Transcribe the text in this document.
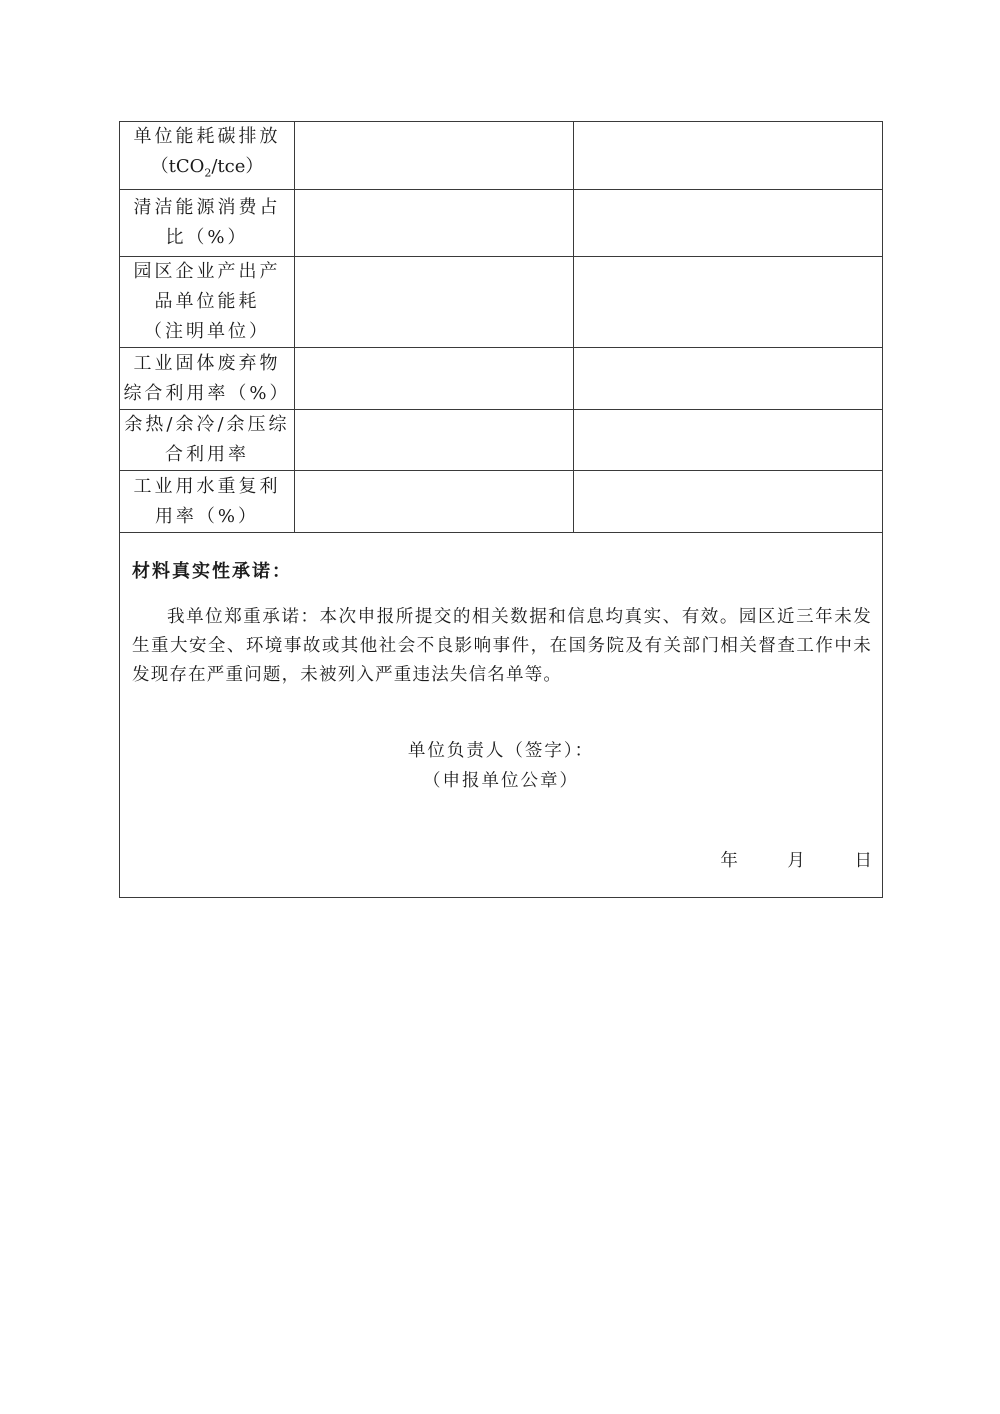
单位能耗碳排放
（tCO$_2$/tce）		

清洁能源消费占
比（%）		

园区企业产出产
品单位能耗
（注明单位）		

工业固体废弃物
综合利用率（%）		

余热/余冷/余压综
合利用率		

工业用水重复利
用率（%）		

材料真实性承诺：
我单位郑重承诺：本次申报所提交的相关数据和信息均真实、有效。园区近三年未发生重大安全、环境事故或其他社会不良影响事件，在国务院及有关部门相关督查工作中未发现存在严重问题，未被列入严重违法失信名单等。
单位负责人（签字）：
（申报单位公章）
年 月 日		
